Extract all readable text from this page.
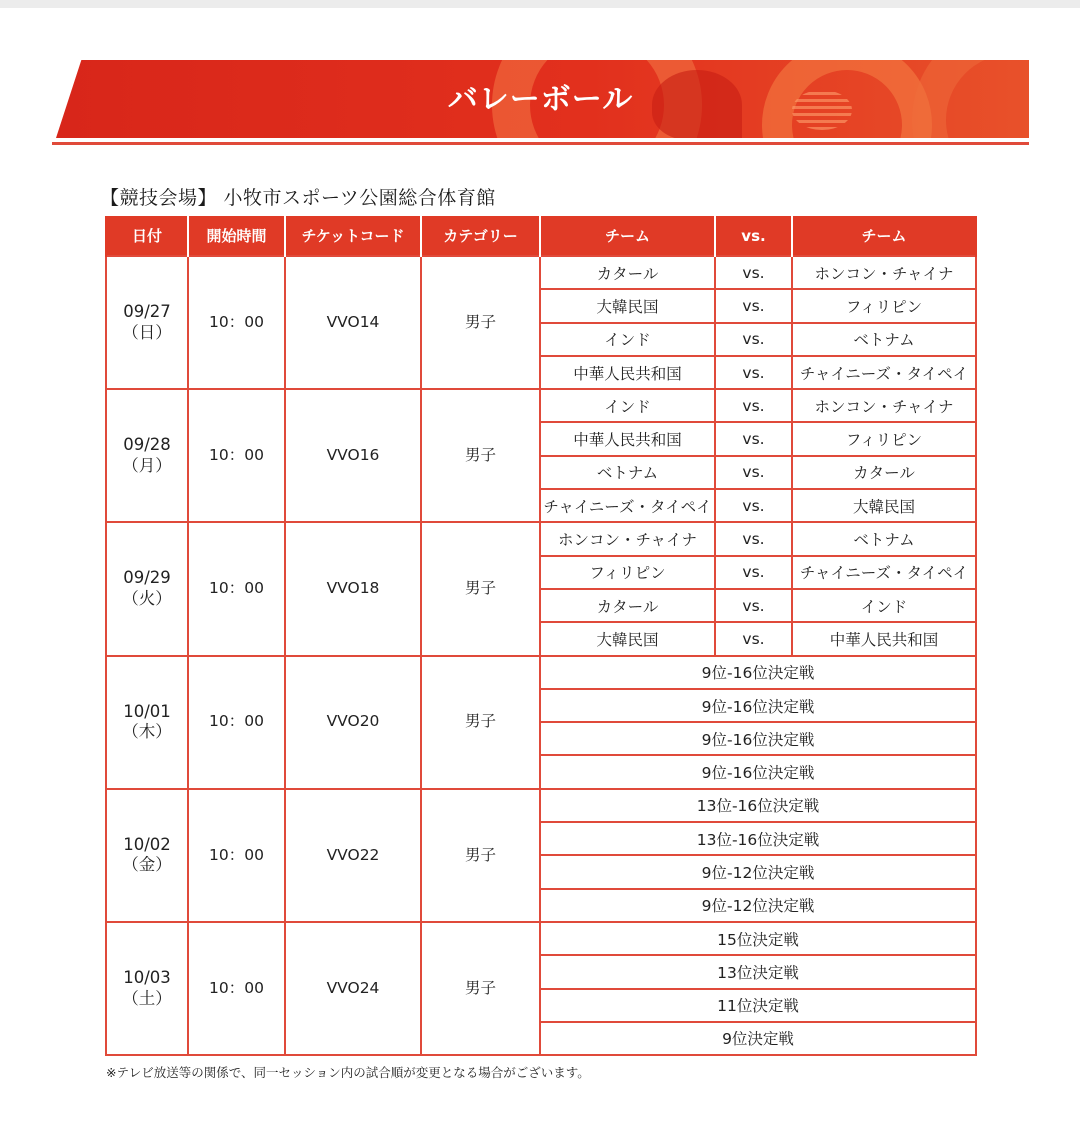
バレーボール
【競技会場】 小牧市スポーツ公園総合体育館
日付	開始時間	チケットコード	カテゴリー	チーム	vs.	チーム

09/27
（日）	10：00	VVO14	男子	カタール	vs.	ホンコン・チャイナ
				大韓民国	vs.	フィリピン
				インド	vs.	ベトナム
				中華人民共和国	vs.	チャイニーズ・タイペイ

09/28
（月）	10：00	VVO16	男子	インド	vs.	ホンコン・チャイナ
				中華人民共和国	vs.	フィリピン
				ベトナム	vs.	カタール
				チャイニーズ・タイペイ	vs.	大韓民国

09/29
（火）	10：00	VVO18	男子	ホンコン・チャイナ	vs.	ベトナム
				フィリピン	vs.	チャイニーズ・タイペイ
				カタール	vs.	インド
				大韓民国	vs.	中華人民共和国

10/01
（木）	10：00	VVO20	男子	9位-16位決定戦		
				9位-16位決定戦		
				9位-16位決定戦		
				9位-16位決定戦		

10/02
（金）	10：00	VVO22	男子	13位-16位決定戦		
				13位-16位決定戦		
				9位-12位決定戦		
				9位-12位決定戦		

10/03
（土）	10：00	VVO24	男子	15位決定戦		
				13位決定戦		
				11位決定戦		
				9位決定戦		
※テレビ放送等の関係で、同一セッション内の試合順が変更となる場合がございます。
